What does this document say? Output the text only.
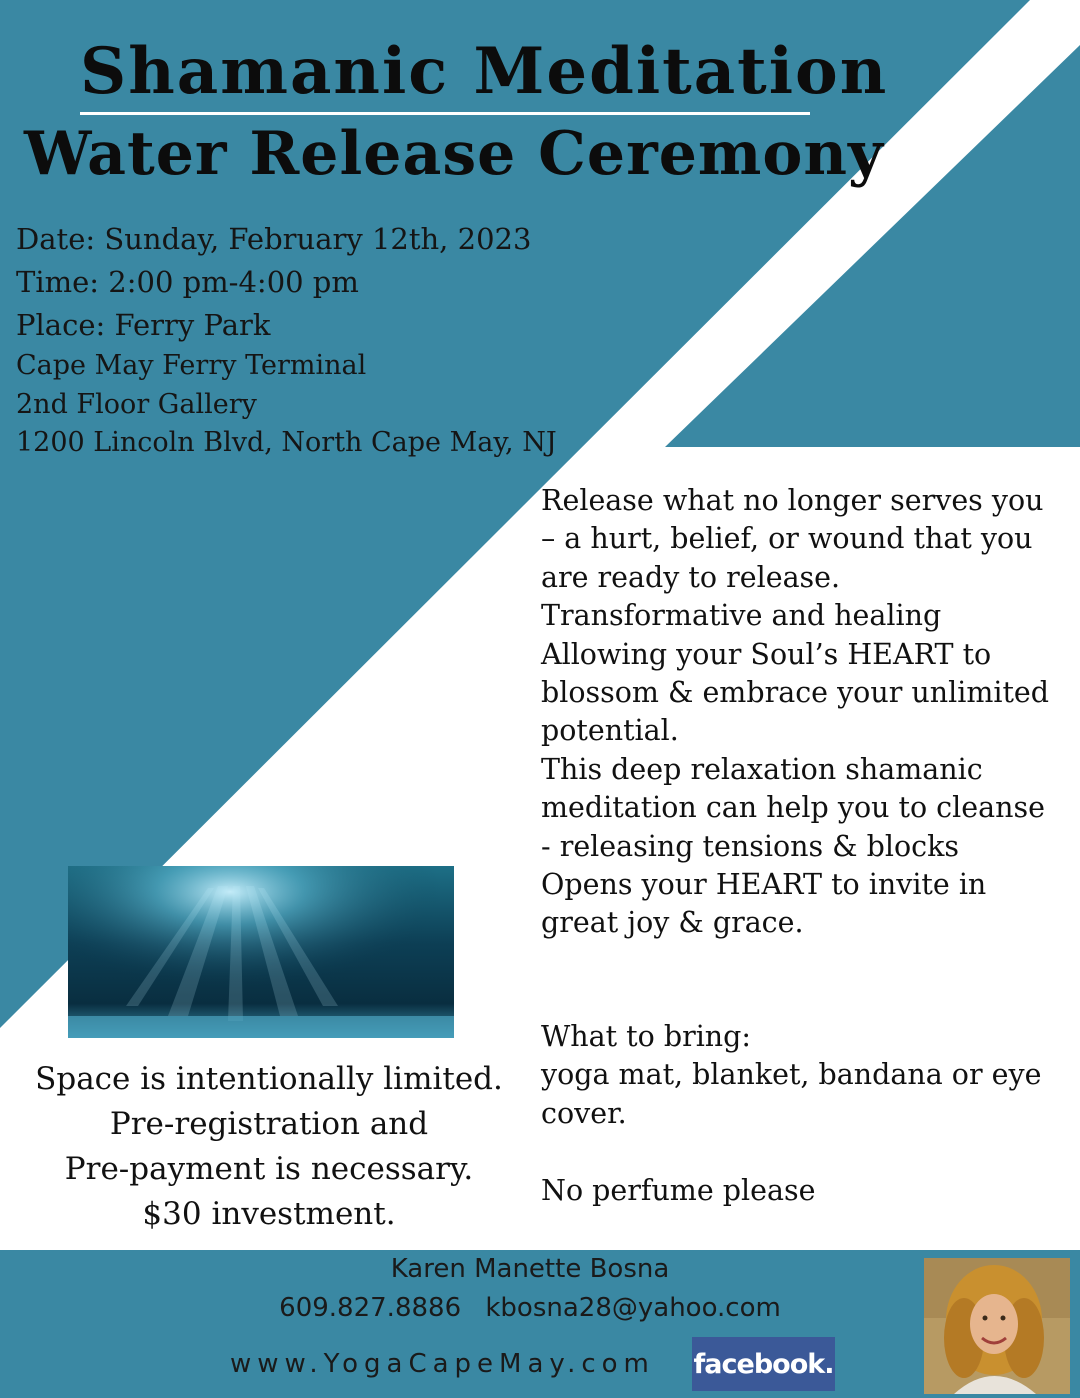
Shamanic Meditation
Water Release Ceremony
Date: Sunday, February 12th, 2023
Time: 2:00 pm-4:00 pm
Place: Ferry Park
Cape May Ferry Terminal
2nd Floor Gallery
1200 Lincoln Blvd, North Cape May, NJ
Release what no longer serves you
– a hurt, belief, or wound that you
are ready to release.
Transformative and healing
Allowing your Soul’s HEART to
blossom & embrace your unlimited
potential.
This deep relaxation shamanic
meditation can help you to cleanse
- releasing tensions & blocks
Opens your HEART to invite in
great joy & grace.
What to bring:
yoga mat, blanket, bandana or eye
cover.
No perfume please
Space is intentionally limited.
Pre-registration and
Pre-payment is necessary.
$30 investment.
Karen Manette Bosna
609.827.8886 kbosna28@yahoo.com
www.YogaCapeMay.com facebook.
